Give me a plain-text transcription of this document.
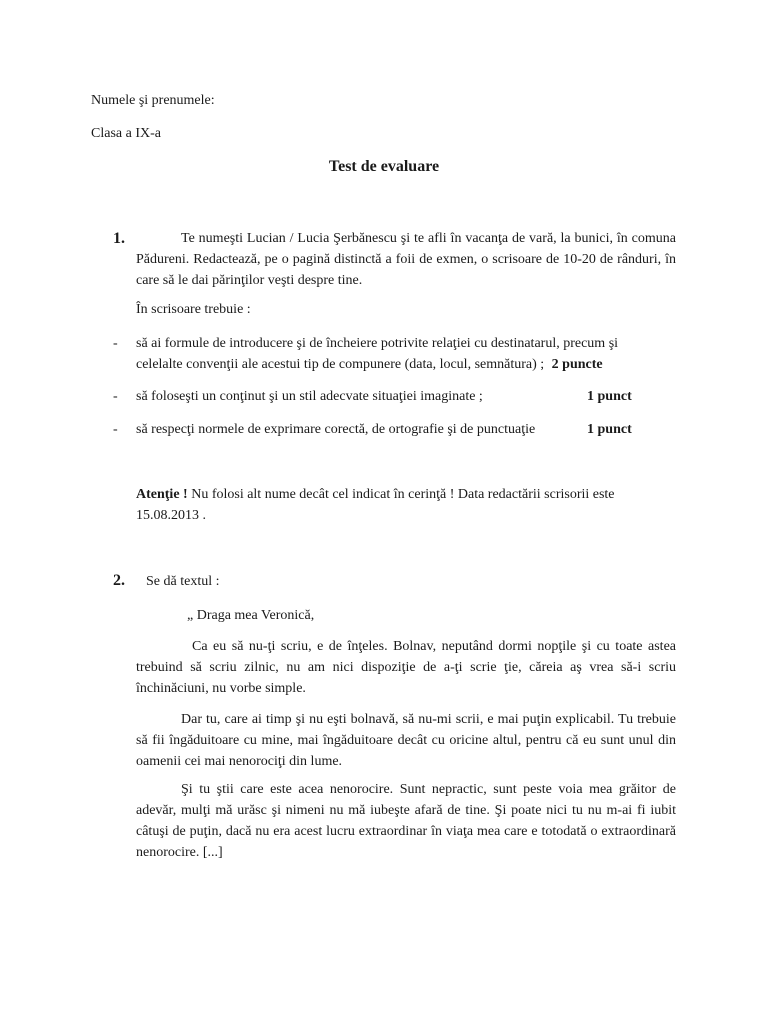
Numele şi prenumele:

Clasa a IX-a

Test de evaluare

1.	Te numeşti Lucian / Lucia Şerbănescu şi te afli în vacanţa de vară, la bunici, în comuna Pădureni. Redactează, pe o pagină distinctă a foii de exmen, o scrisoare de 10-20 de rânduri, în care să le dai părinţilor veşti despre tine.

În scrisoare trebuie :

- să ai formule de introducere şi de încheiere potrivite relaţiei cu destinatarul, precum şi celelalte convenţii ale acestui tip de compunere (data, locul, semnătura) ; 2 puncte

- să foloseşti un conţinut şi un stil adecvate situaţiei imaginate ;	1 punct
- să respecţi normele de exprimare corectă, de ortografie şi de punctuaţie	1 punct

Atenţie ! Nu folosi alt nume decât cel indicat în cerinţă ! Data redactării scrisorii este 15.08.2013 .

2. Se dă textul :

„ Draga mea Veronică,

Ca eu să nu-ţi scriu, e de înţeles. Bolnav, neputând dormi nopţile şi cu toate astea trebuind să scriu zilnic, nu am nici dispoziţie de a-ţi scrie ţie, căreia aş vrea să-i scriu închinăciuni, nu vorbe simple.

Dar tu, care ai timp şi nu eşti bolnavă, să nu-mi scrii, e mai puţin explicabil. Tu trebuie să fii îngăduitoare cu mine, mai îngăduitoare decât cu oricine altul, pentru că eu sunt unul din oamenii cei mai nenorociţi din lume.

Şi tu ştii care este acea nenorocire. Sunt nepractic, sunt peste voia mea grăitor de adevăr, mulţi mă urăsc şi nimeni nu mă iubeşte afară de tine. Şi poate nici tu nu m-ai fi iubit câtuşi de puţin, dacă nu era acest lucru extraordinar în viaţa mea care e totodată o extraordinară nenorocire. [...]
